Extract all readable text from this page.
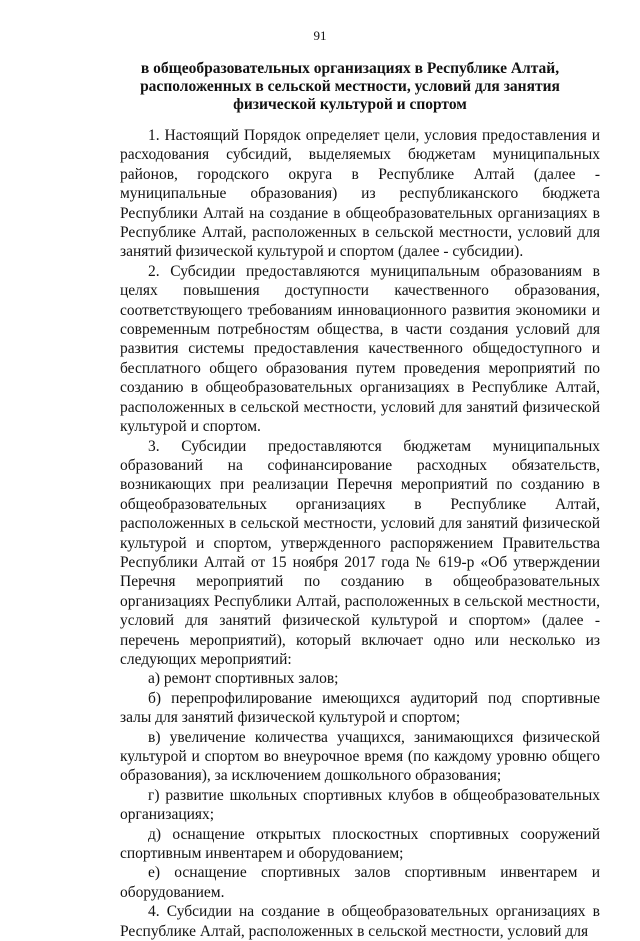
91
в общеобразовательных организациях в Республике Алтай,
расположенных в сельской местности, условий для занятия
физической культурой и спортом

1. Настоящий Порядок определяет цели, условия предоставления и расходования субсидий, выделяемых бюджетам муниципальных районов, городского округа в Республике Алтай (далее - муниципальные образования) из республиканского бюджета Республики Алтай на создание в общеобразовательных организациях в Республике Алтай, расположенных в сельской местности, условий для занятий физической культурой и спортом (далее - субсидии).

2. Субсидии предоставляются муниципальным образованиям в целях повышения доступности качественного образования, соответствующего требованиям инновационного развития экономики и современным потребностям общества, в части создания условий для развития системы предоставления качественного общедоступного и бесплатного общего образования путем проведения мероприятий по созданию в общеобразовательных организациях в Республике Алтай, расположенных в сельской местности, условий для занятий физической культурой и спортом.

3. Субсидии предоставляются бюджетам муниципальных образований на софинансирование расходных обязательств, возникающих при реализации Перечня мероприятий по созданию в общеобразовательных организациях в Республике Алтай, расположенных в сельской местности, условий для занятий физической культурой и спортом, утвержденного распоряжением Правительства Республики Алтай от 15 ноября 2017 года № 619-р «Об утверждении Перечня мероприятий по созданию в общеобразовательных организациях Республики Алтай, расположенных в сельской местности, условий для занятий физической культурой и спортом» (далее - перечень мероприятий), который включает одно или несколько из следующих мероприятий:

а) ремонт спортивных залов;

б) перепрофилирование имеющихся аудиторий под спортивные залы для занятий физической культурой и спортом;

в) увеличение количества учащихся, занимающихся физической культурой и спортом во внеурочное время (по каждому уровню общего образования), за исключением дошкольного образования;

г) развитие школьных спортивных клубов в общеобразовательных организациях;

д) оснащение открытых плоскостных спортивных сооружений спортивным инвентарем и оборудованием;

е) оснащение спортивных залов спортивным инвентарем и оборудованием.

4. Субсидии на создание в общеобразовательных организациях в Республике Алтай, расположенных в сельской местности, условий для
